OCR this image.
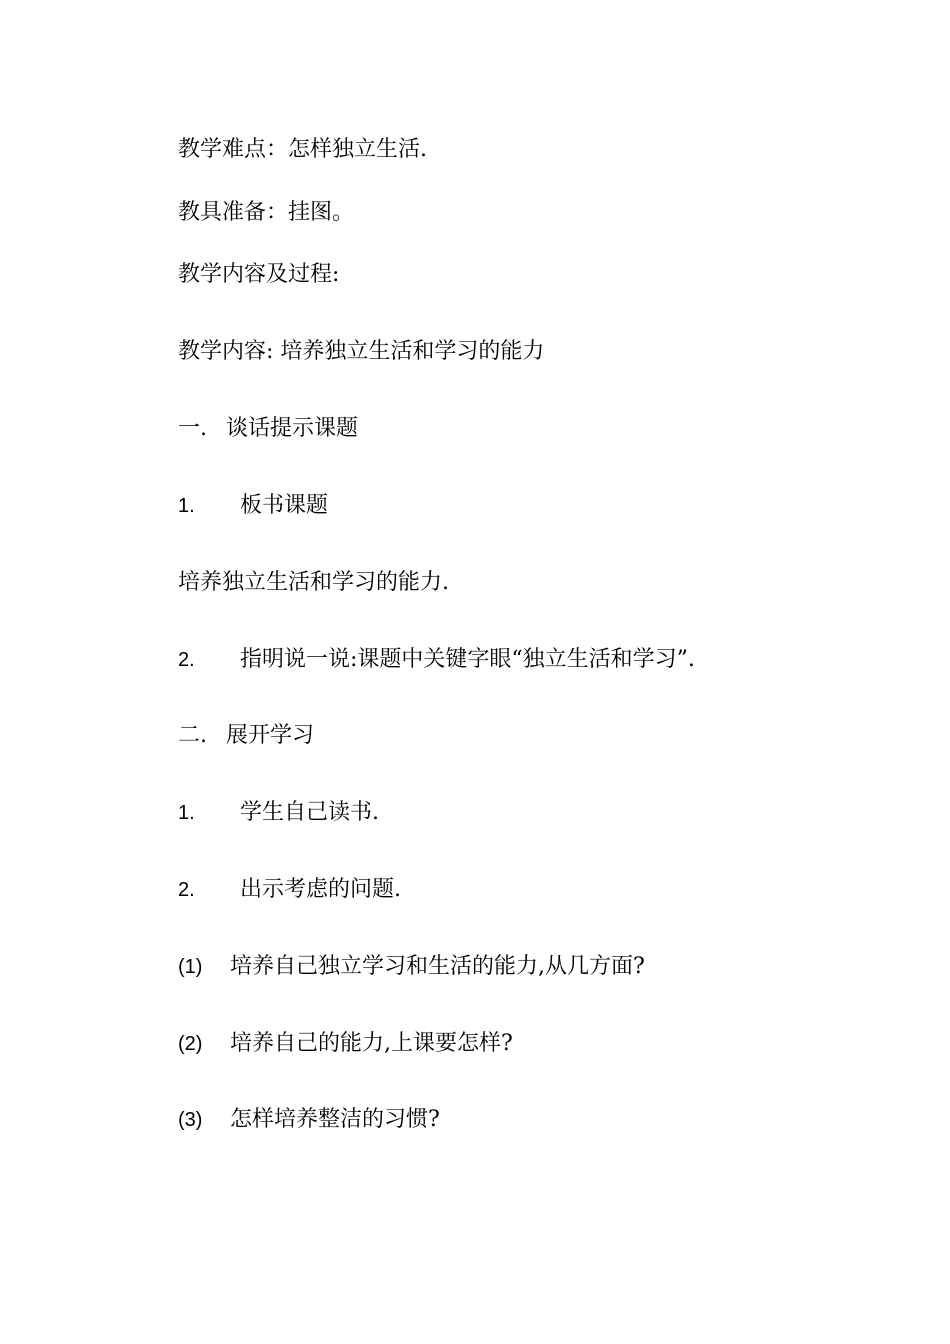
教学难点：怎样独立生活.
教具准备：挂图。
教学内容及过程:
教学内容: 培养独立生活和学习的能力
一. 谈话提示课题
1. 板书课题
培养独立生活和学习的能力.
2. 指明说一说:课题中关键字眼“独立生活和学习”.
二. 展开学习
1. 学生自己读书.
2. 出示考虑的问题.
(1) 培养自己独立学习和生活的能力,从几方面?
(2) 培养自己的能力,上课要怎样?
(3) 怎样培养整洁的习惯?
